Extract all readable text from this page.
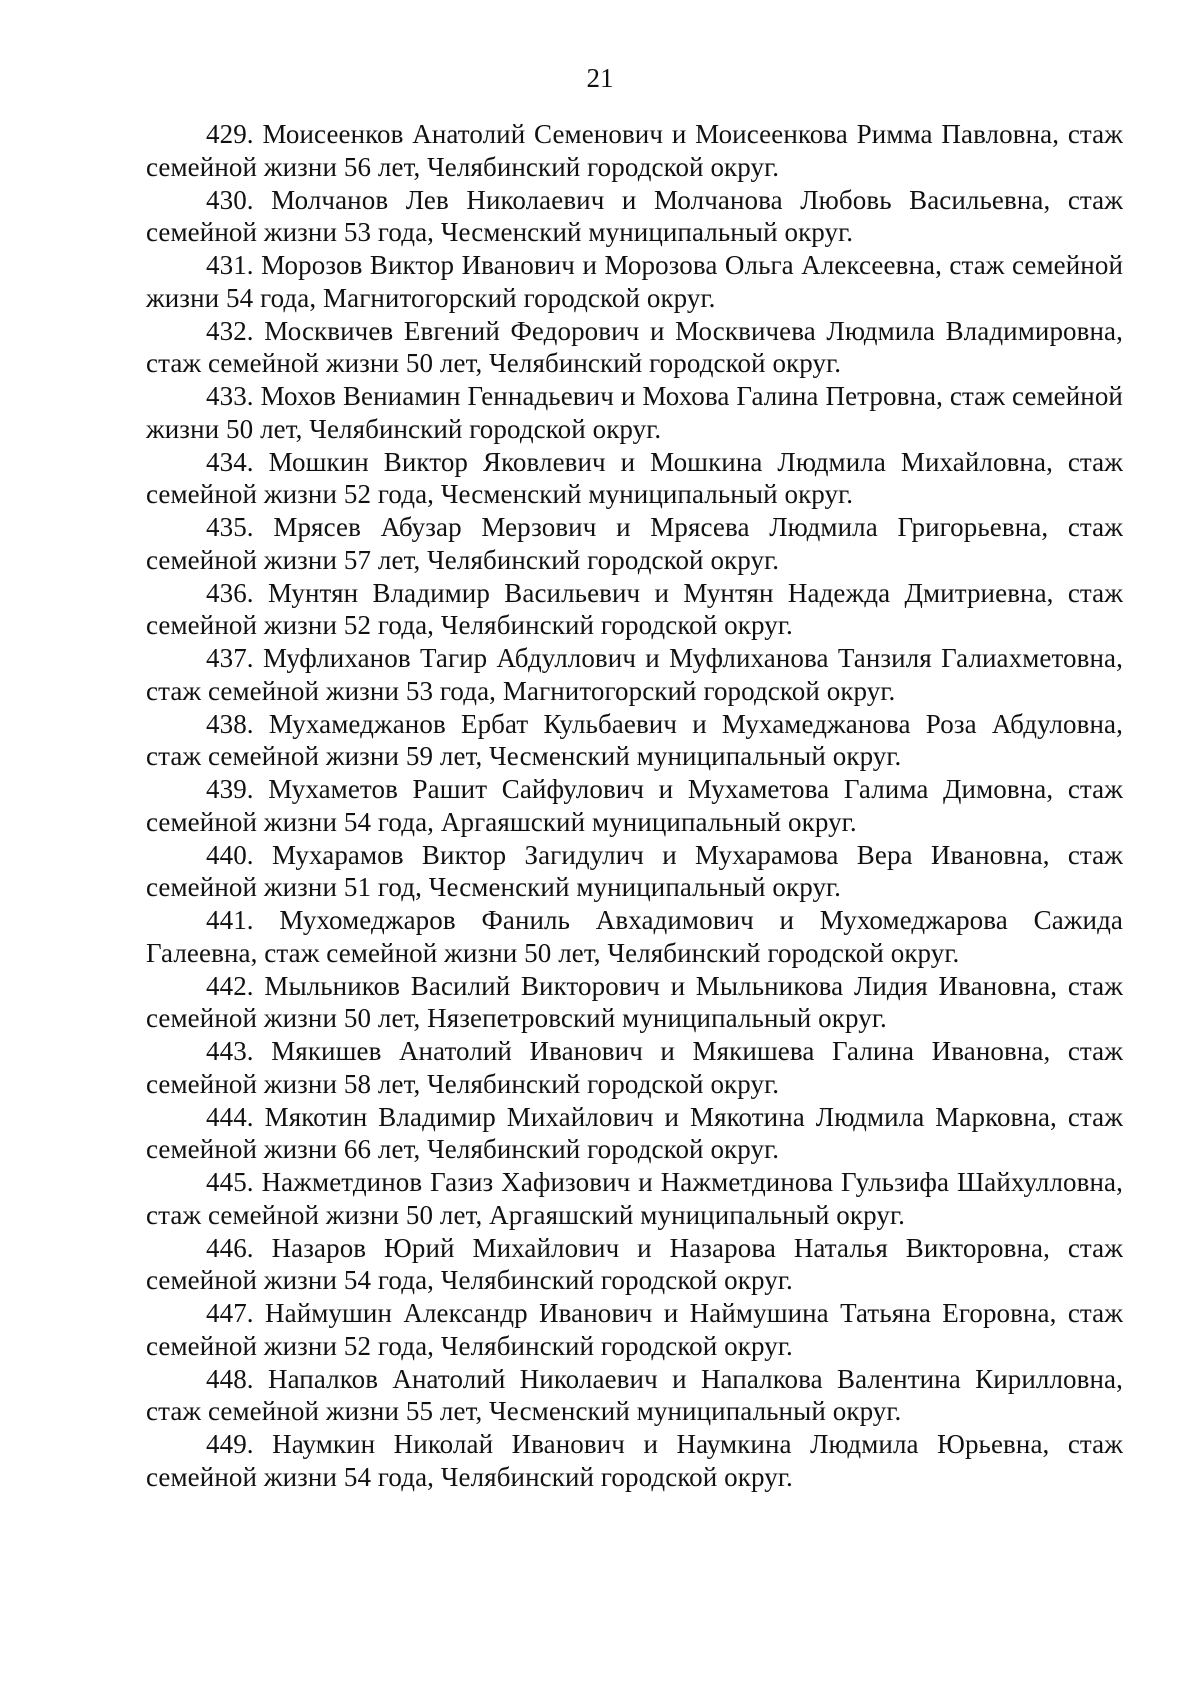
21

429. Моисеенков Анатолий Семенович и Моисеенкова Римма Павловна, стаж семейной жизни 56 лет, Челябинский городской округ.

430. Молчанов Лев Николаевич и Молчанова Любовь Васильевна, стаж семейной жизни 53 года, Чесменский муниципальный округ.

431. Морозов Виктор Иванович и Морозова Ольга Алексеевна, стаж семейной жизни 54 года, Магнитогорский городской округ.

432. Москвичев Евгений Федорович и Москвичева Людмила Владимировна, стаж семейной жизни 50 лет, Челябинский городской округ.

433. Мохов Вениамин Геннадьевич и Мохова Галина Петровна, стаж семейной жизни 50 лет, Челябинский городской округ.

434. Мошкин Виктор Яковлевич и Мошкина Людмила Михайловна, стаж семейной жизни 52 года, Чесменский муниципальный округ.

435. Мрясев Абузар Мерзович и Мрясева Людмила Григорьевна, стаж семейной жизни 57 лет, Челябинский городской округ.

436. Мунтян Владимир Васильевич и Мунтян Надежда Дмитриевна, стаж семейной жизни 52 года, Челябинский городской округ.

437. Муфлиханов Тагир Абдуллович и Муфлиханова Танзиля Галиахметовна, стаж семейной жизни 53 года, Магнитогорский городской округ.

438. Мухамеджанов Ербат Кульбаевич и Мухамеджанова Роза Абдуловна, стаж семейной жизни 59 лет, Чесменский муниципальный округ.

439. Мухаметов Рашит Сайфулович и Мухаметова Галима Димовна, стаж семейной жизни 54 года, Аргаяшский муниципальный округ.

440. Мухарамов Виктор Загидулич и Мухарамова Вера Ивановна, стаж семейной жизни 51 год, Чесменский муниципальный округ.

441. Мухомеджаров Фаниль Авхадимович и Мухомеджарова Сажида Галеевна, стаж семейной жизни 50 лет, Челябинский городской округ.

442. Мыльников Василий Викторович и Мыльникова Лидия Ивановна, стаж семейной жизни 50 лет, Нязепетровский муниципальный округ.

443. Мякишев Анатолий Иванович и Мякишева Галина Ивановна, стаж семейной жизни 58 лет, Челябинский городской округ.

444. Мякотин Владимир Михайлович и Мякотина Людмила Марковна, стаж семейной жизни 66 лет, Челябинский городской округ.

445. Нажметдинов Газиз Хафизович и Нажметдинова Гульзифа Шайхулловна, стаж семейной жизни 50 лет, Аргаяшский муниципальный округ.

446. Назаров Юрий Михайлович и Назарова Наталья Викторовна, стаж семейной жизни 54 года, Челябинский городской округ.

447. Наймушин Александр Иванович и Наймушина Татьяна Егоровна, стаж семейной жизни 52 года, Челябинский городской округ.

448. Напалков Анатолий Николаевич и Напалкова Валентина Кирилловна, стаж семейной жизни 55 лет, Чесменский муниципальный округ.

449. Наумкин Николай Иванович и Наумкина Людмила Юрьевна, стаж семейной жизни 54 года, Челябинский городской округ.
